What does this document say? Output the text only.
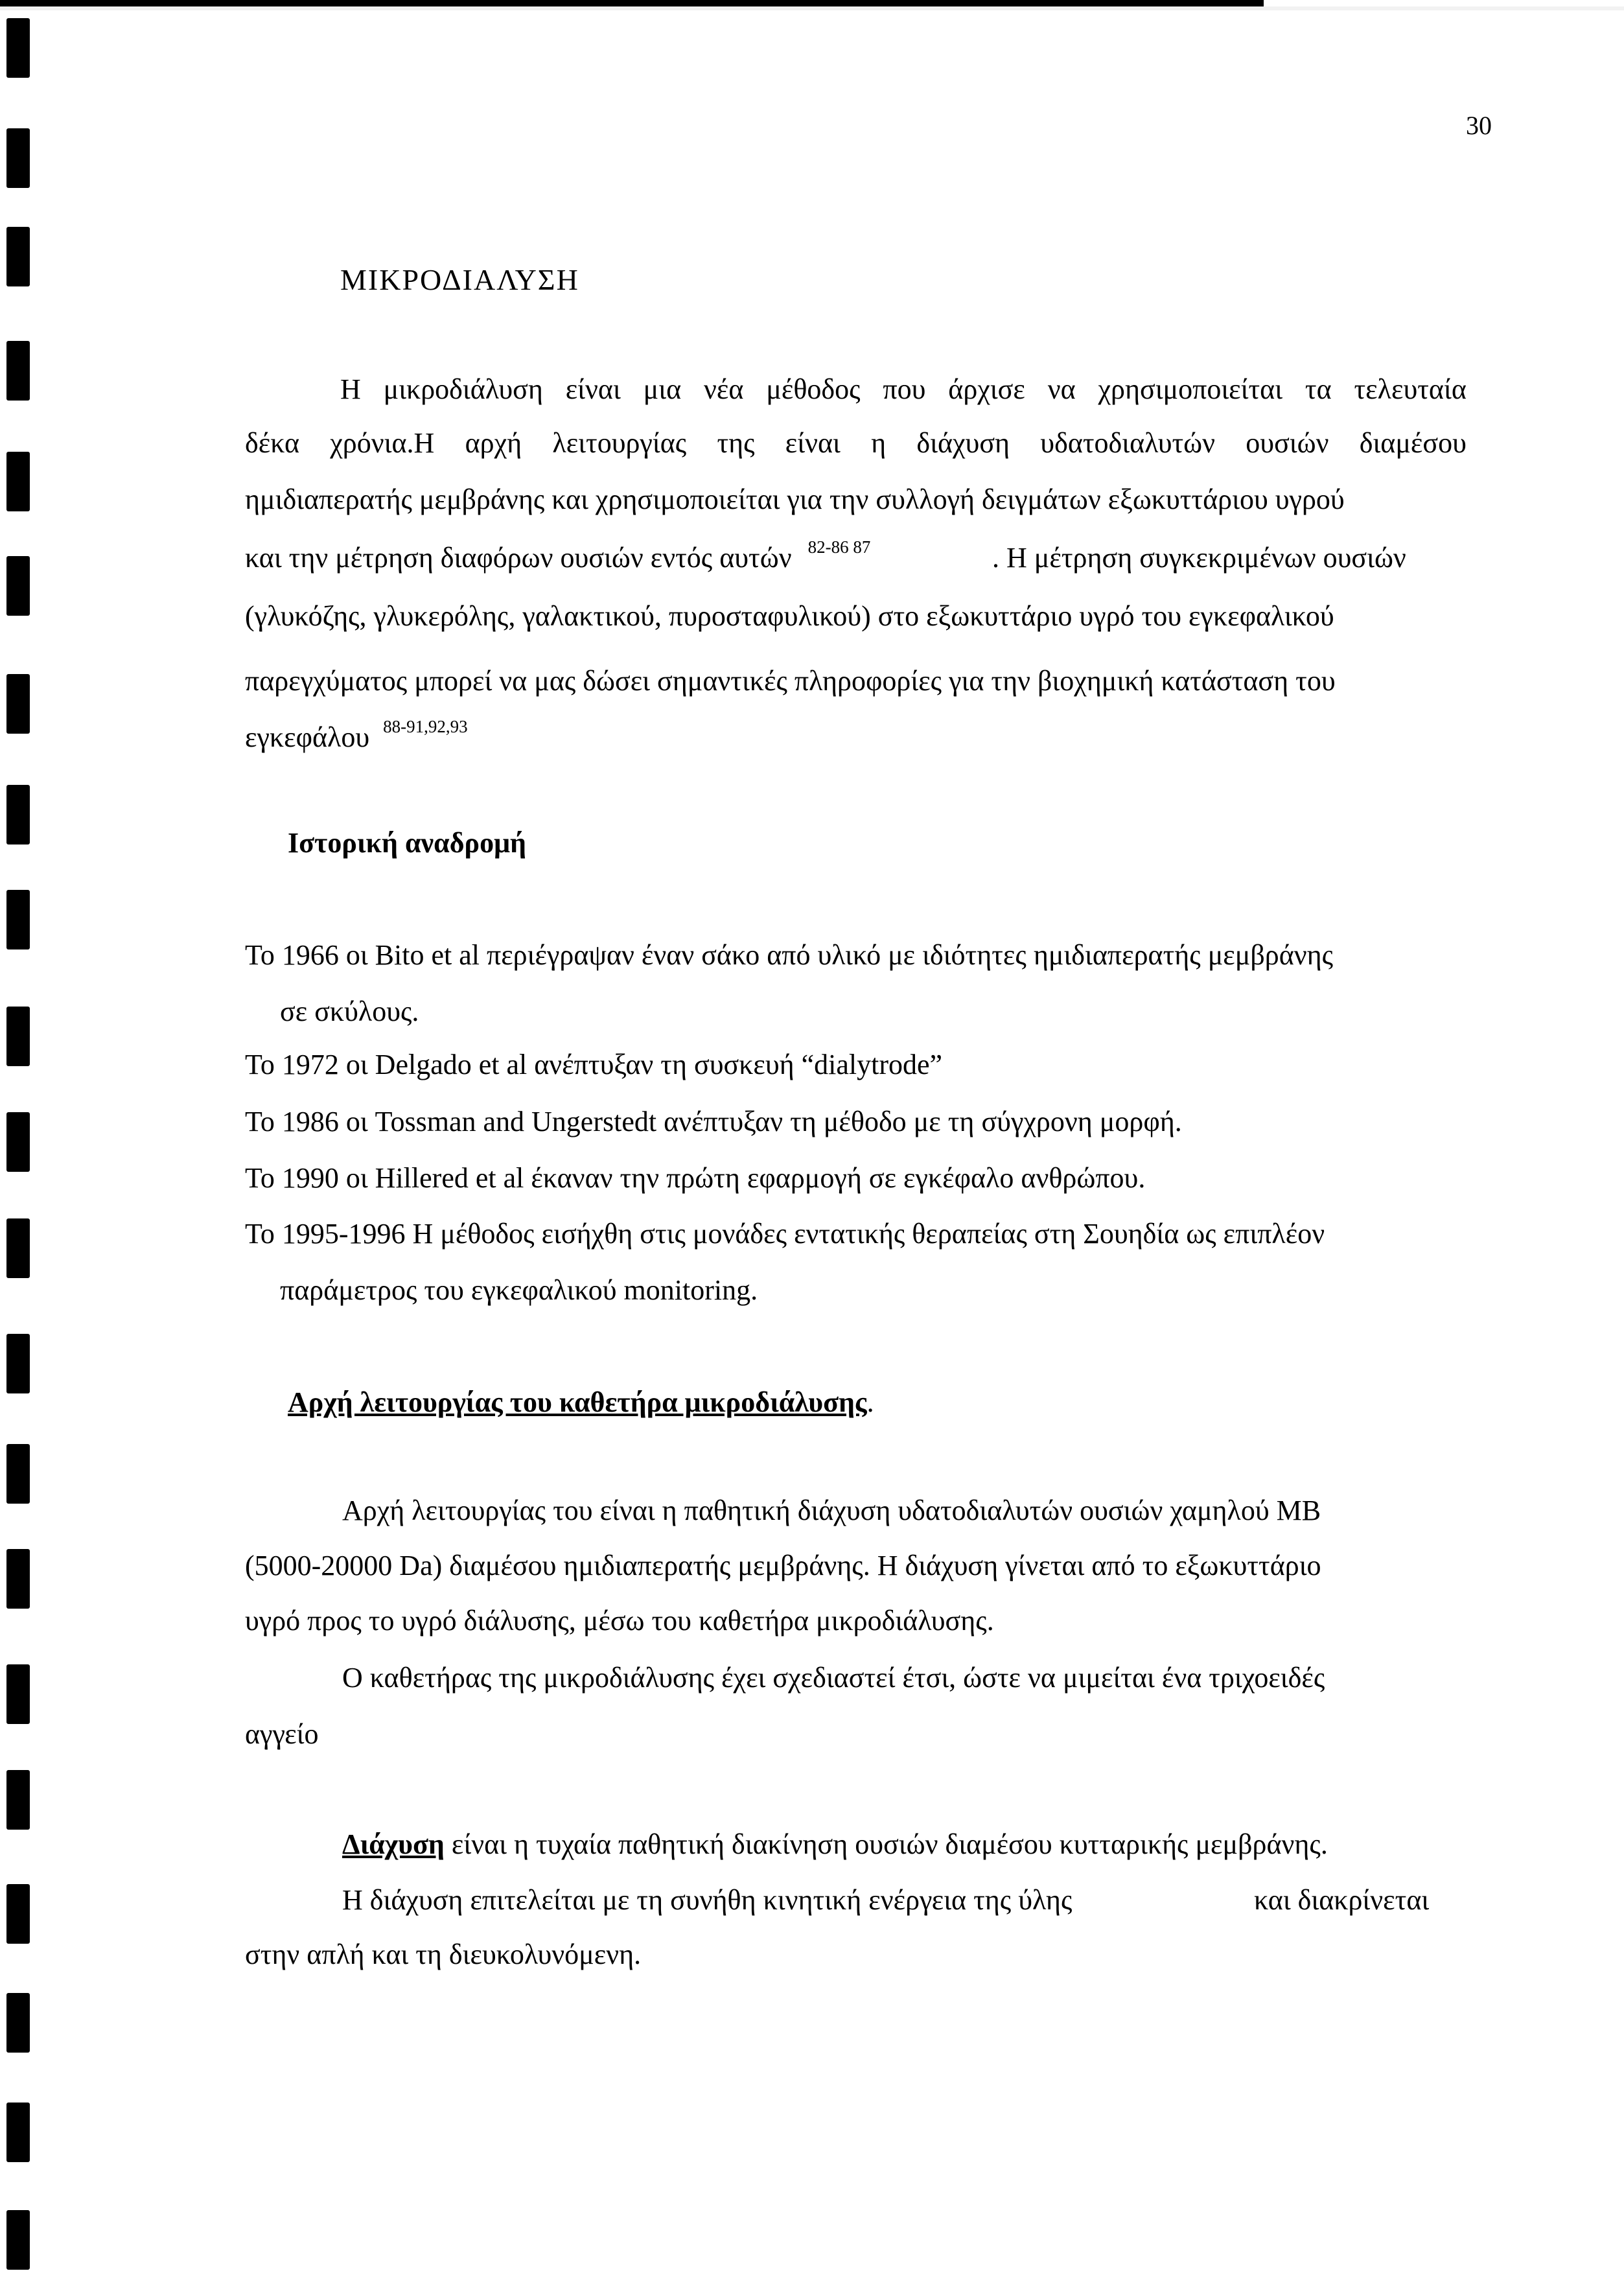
30
ΜΙΚΡΟΔΙΑΛΥΣΗ
Η μικροδιάλυση είναι μια νέα μέθοδος που άρχισε να χρησιμοποιείται τα τελευταία
δέκα χρόνια.Η αρχή λειτουργίας της είναι η διάχυση υδατοδιαλυτών ουσιών διαμέσου
ημιδιαπερατής μεμβράνης και χρησιμοποιείται για την συλλογή δειγμάτων εξωκυττάριου υγρού
και την μέτρηση διαφόρων ουσιών εντός αυτών $^{82-86 87}$	. Η μέτρηση συγκεκριμένων ουσιών
(γλυκόζης, γλυκερόλης, γαλακτικού, πυροσταφυλικού) στο εξωκυττάριο υγρό του εγκεφαλικού
παρεγχύματος μπορεί να μας δώσει σημαντικές πληροφορίες για την βιοχημική κατάσταση του
εγκεφάλου $^{88-91,92,93}$
Ιστορική αναδρομή
Το 1966 οι Bito et al περιέγραψαν έναν σάκο από υλικό με ιδιότητες ημιδιαπερατής μεμβράνης
σε σκύλους.
Το 1972 οι Delgado et al ανέπτυξαν τη συσκευή “dialytrode”
Το 1986 οι Tossman and Ungerstedt ανέπτυξαν τη μέθοδο με τη σύγχρονη μορφή.
Το 1990 οι Hillered et al έκαναν την πρώτη εφαρμογή σε εγκέφαλο ανθρώπου.
Το 1995-1996 Η μέθοδος εισήχθη στις μονάδες εντατικής θεραπείας στη Σουηδία ως επιπλέον
παράμετρος του εγκεφαλικού monitoring.
Αρχή λειτουργίας του καθετήρα μικροδιάλυσης.
Αρχή λειτουργίας του είναι η παθητική διάχυση υδατοδιαλυτών ουσιών χαμηλού ΜΒ
(5000-20000 Da) διαμέσου ημιδιαπερατής μεμβράνης. Η διάχυση γίνεται από το εξωκυττάριο
υγρό προς το υγρό διάλυσης, μέσω του καθετήρα μικροδιάλυσης.
Ο καθετήρας της μικροδιάλυσης έχει σχεδιαστεί έτσι, ώστε να μιμείται ένα τριχοειδές
αγγείο
Διάχυση είναι η τυχαία παθητική διακίνηση ουσιών διαμέσου κυτταρικής μεμβράνης.
Η διάχυση επιτελείται με τη συνήθη κινητική ενέργεια της ύλης	και διακρίνεται
στην απλή και τη διευκολυνόμενη.
